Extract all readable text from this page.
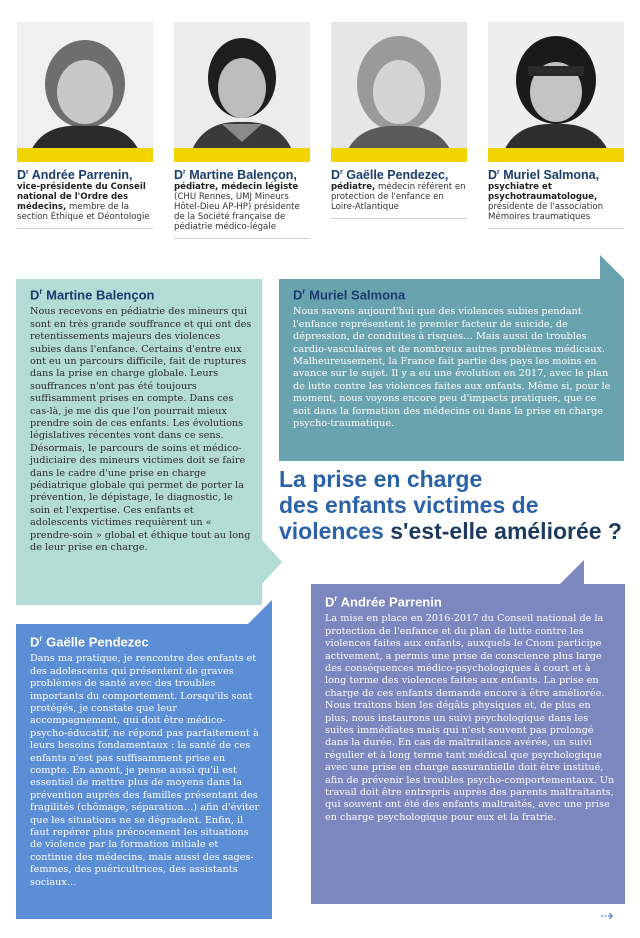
$D^r$ Andrée Parrenin,
vice-présidente du Conseil national de l'Ordre des médecins, membre de la section Éthique et Déontologie
$D^r$ Martine Balençon,
pédiatre, médecin légiste (CHU Rennes, UMJ Mineurs Hôtel-Dieu AP-HP) présidente de la Société française de pédiatrie médico-légale
$D^r$ Gaëlle Pendezec,
pédiatre, médecin référent en protection de l'enfance en Loire-Atlantique
$D^r$ Muriel Salmona,
psychiatre et psychotraumatologue, présidente de l'association Mémoires traumatiques
$D^r$ Martine Balençon
Nous recevons en pédiatrie des mineurs qui sont en très grande souffrance et qui ont des retentissements majeurs des violences subies dans l'enfance. Certains d'entre eux ont eu un parcours difficile, fait de ruptures dans la prise en charge globale. Leurs souffrances n'ont pas été toujours suffisamment prises en compte. Dans ces cas-là, je me dis que l'on pourrait mieux prendre soin de ces enfants. Les évolutions législatives récentes vont dans ce sens. Désormais, le parcours de soins et médico-judiciaire des mineurs victimes doit se faire dans le cadre d'une prise en charge pédiatrique globale qui permet de porter la prévention, le dépistage, le diagnostic, le soin et l'expertise. Ces enfants et adolescents victimes requièrent un « prendre-soin » global et éthique tout au long de leur prise en charge.
$D^r$ Muriel Salmona
Nous savons aujourd'hui que des violences subies pendant l'enfance représentent le premier facteur de suicide, de dépression, de conduites à risques… Mais aussi de troubles cardio-vasculaires et de nombreux autres problèmes médicaux. Malheureusement, la France fait partie des pays les moins en avance sur le sujet. Il y a eu une évolution en 2017, avec le plan de lutte contre les violences faites aux enfants. Même si, pour le moment, nous voyons encore peu d'impacts pratiques, que ce soit dans la formation des médecins ou dans la prise en charge psycho-traumatique.
$D^r$ Gaëlle Pendezec
Dans ma pratique, je rencontre des enfants et des adolescents qui présentent de graves problèmes de santé avec des troubles importants du comportement. Lorsqu'ils sont protégés, je constate que leur accompagnement, qui doit être médico-psycho-éducatif, ne répond pas parfaitement à leurs besoins fondamentaux : la santé de ces enfants n'est pas suffisamment prise en compte. En amont, je pense aussi qu'il est essentiel de mettre plus de moyens dans la prévention auprès des familles présentant des fragilités (chômage, séparation…) afin d'éviter que les situations ne se dégradent. Enfin, il faut repérer plus précocement les situations de violence par la formation initiale et continue des médecins, mais aussi des sages-femmes, des puéricultrices, des assistants sociaux…
$D^r$ Andrée Parrenin
La mise en place en 2016-2017 du Conseil national de la protection de l'enfance et du plan de lutte contre les violences faites aux enfants, auxquels le Cnom participe activement, a permis une prise de conscience plus large des conséquences médico-psychologiques à court et à long terme des violences faites aux enfants. La prise en charge de ces enfants demande encore à être améliorée. Nous traitons bien les dégâts physiques et, de plus en plus, nous instaurons un suivi psychologique dans les suites immédiates mais qui n'est souvent pas prolongé dans la durée. En cas de maltraitance avérée, un suivi régulier et à long terme tant médical que psychologique avec une prise en charge assurantielle doit être institué, afin de prévenir les troubles psycho-comportementaux. Un travail doit être entrepris auprès des parents maltraitants, qui souvent ont été des enfants maltraités, avec une prise en charge psychologique pour eux et la fratrie.
La prise en charge
des enfants victimes de
violences s'est-elle améliorée ?
⇢
